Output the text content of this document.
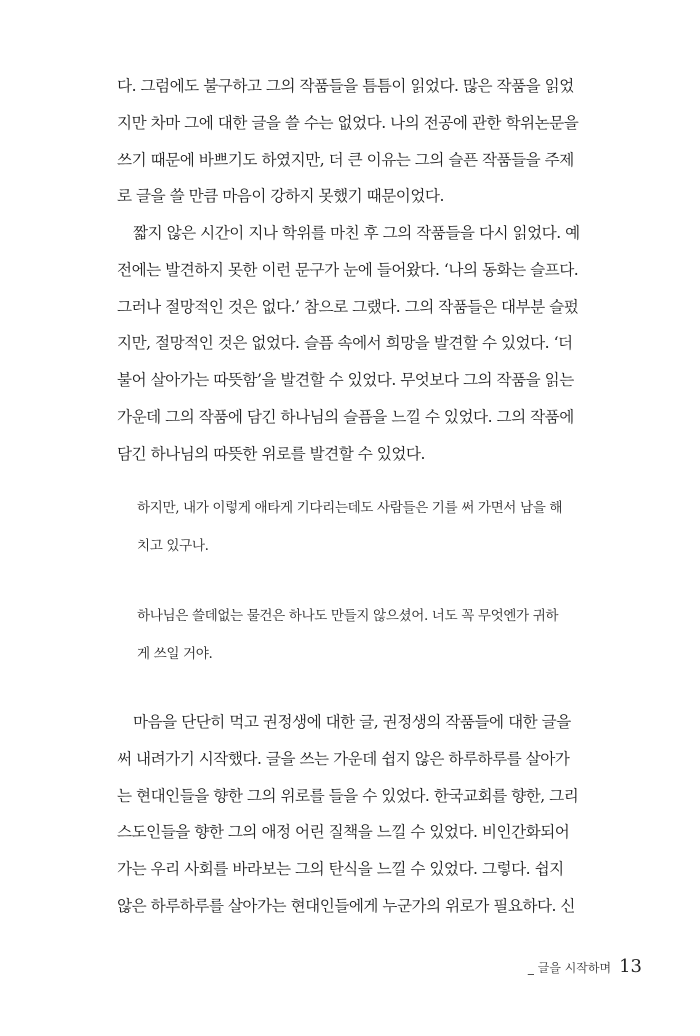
다. 그럼에도 불구하고 그의 작품들을 틈틈이 읽었다. 많은 작품을 읽었
지만 차마 그에 대한 글을 쓸 수는 없었다. 나의 전공에 관한 학위논문을
쓰기 때문에 바쁘기도 하였지만, 더 큰 이유는 그의 슬픈 작품들을 주제
로 글을 쓸 만큼 마음이 강하지 못했기 때문이었다.
짧지 않은 시간이 지나 학위를 마친 후 그의 작품들을 다시 읽었다. 예
전에는 발견하지 못한 이런 문구가 눈에 들어왔다. ‘나의 동화는 슬프다.
그러나 절망적인 것은 없다.’ 참으로 그랬다. 그의 작품들은 대부분 슬펐
지만, 절망적인 것은 없었다. 슬픔 속에서 희망을 발견할 수 있었다. ‘더
불어 살아가는 따뜻함’을 발견할 수 있었다. 무엇보다 그의 작품을 읽는
가운데 그의 작품에 담긴 하나님의 슬픔을 느낄 수 있었다. 그의 작품에
담긴 하나님의 따뜻한 위로를 발견할 수 있었다.
하지만, 내가 이렇게 애타게 기다리는데도 사람들은 기를 써 가면서 남을 해
치고 있구나.
하나님은 쓸데없는 물건은 하나도 만들지 않으셨어. 너도 꼭 무엇엔가 귀하
게 쓰일 거야.
마음을 단단히 먹고 권정생에 대한 글, 권정생의 작품들에 대한 글을
써 내려가기 시작했다. 글을 쓰는 가운데 쉽지 않은 하루하루를 살아가
는 현대인들을 향한 그의 위로를 들을 수 있었다. 한국교회를 향한, 그리
스도인들을 향한 그의 애정 어린 질책을 느낄 수 있었다. 비인간화되어
가는 우리 사회를 바라보는 그의 탄식을 느낄 수 있었다. 그렇다. 쉽지
않은 하루하루를 살아가는 현대인들에게 누군가의 위로가 필요하다. 신
_ 글을 시작하며 13
